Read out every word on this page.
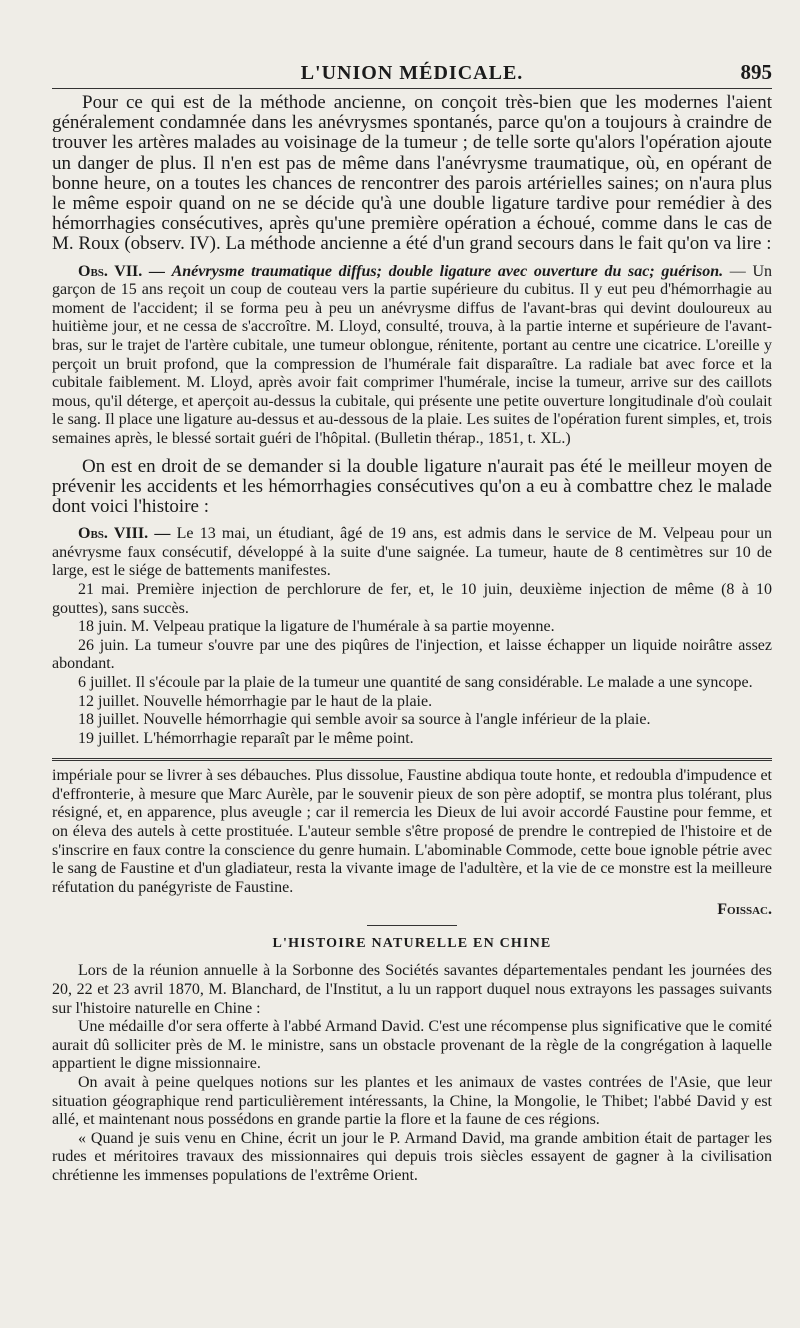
L'UNION MÉDICALE.	895

Pour ce qui est de la méthode ancienne, on conçoit très-bien que les modernes l'aient généralement condamnée dans les anévrysmes spontanés, parce qu'on a toujours à craindre de trouver les artères malades au voisinage de la tumeur ; de telle sorte qu'alors l'opération ajoute un danger de plus. Il n'en est pas de même dans l'anévrysme traumatique, où, en opérant de bonne heure, on a toutes les chances de rencontrer des parois artérielles saines; on n'aura plus le même espoir quand on ne se décide qu'à une double ligature tardive pour remédier à des hémorrhagies consécutives, après qu'une première opération a échoué, comme dans le cas de M. Roux (observ. IV). La méthode ancienne a été d'un grand secours dans le fait qu'on va lire :

Obs. VII. — Anévrysme traumatique diffus; double ligature avec ouverture du sac; guérison. — Un garçon de 15 ans reçoit un coup de couteau vers la partie supérieure du cubitus. Il y eut peu d'hémorrhagie au moment de l'accident; il se forma peu à peu un anévrysme diffus de l'avant-bras qui devint douloureux au huitième jour, et ne cessa de s'accroître. M. Lloyd, consulté, trouva, à la partie interne et supérieure de l'avant-bras, sur le trajet de l'artère cubitale, une tumeur oblongue, rénitente, portant au centre une cicatrice. L'oreille y perçoit un bruit profond, que la compression de l'humérale fait disparaître. La radiale bat avec force et la cubitale faiblement. M. Lloyd, après avoir fait comprimer l'humérale, incise la tumeur, arrive sur des caillots mous, qu'il déterge, et aperçoit au-dessus la cubitale, qui présente une petite ouverture longitudinale d'où coulait le sang. Il place une ligature au-dessus et au-dessous de la plaie. Les suites de l'opération furent simples, et, trois semaines après, le blessé sortait guéri de l'hôpital. (Bulletin thérap., 1851, t. XL.)

On est en droit de se demander si la double ligature n'aurait pas été le meilleur moyen de prévenir les accidents et les hémorrhagies consécutives qu'on a eu à combattre chez le malade dont voici l'histoire :

Obs. VIII. — Le 13 mai, un étudiant, âgé de 19 ans, est admis dans le service de M. Velpeau pour un anévrysme faux consécutif, développé à la suite d'une saignée. La tumeur, haute de 8 centimètres sur 10 de large, est le siége de battements manifestes.

21 mai. Première injection de perchlorure de fer, et, le 10 juin, deuxième injection de même (8 à 10 gouttes), sans succès.

18 juin. M. Velpeau pratique la ligature de l'humérale à sa partie moyenne.

26 juin. La tumeur s'ouvre par une des piqûres de l'injection, et laisse échapper un liquide noirâtre assez abondant.

6 juillet. Il s'écoule par la plaie de la tumeur une quantité de sang considérable. Le malade a une syncope.

12 juillet. Nouvelle hémorrhagie par le haut de la plaie.

18 juillet. Nouvelle hémorrhagie qui semble avoir sa source à l'angle inférieur de la plaie.

19 juillet. L'hémorrhagie reparaît par le même point.

impériale pour se livrer à ses débauches. Plus dissolue, Faustine abdiqua toute honte, et redoubla d'impudence et d'effronterie, à mesure que Marc Aurèle, par le souvenir pieux de son père adoptif, se montra plus tolérant, plus résigné, et, en apparence, plus aveugle ; car il remercia les Dieux de lui avoir accordé Faustine pour femme, et on éleva des autels à cette prostituée. L'auteur semble s'être proposé de prendre le contrepied de l'histoire et de s'inscrire en faux contre la conscience du genre humain. L'abominable Commode, cette boue ignoble pétrie avec le sang de Faustine et d'un gladiateur, resta la vivante image de l'adultère, et la vie de ce monstre est la meilleure réfutation du panégyriste de Faustine.

Foissac.
L'HISTOIRE NATURELLE EN CHINE

Lors de la réunion annuelle à la Sorbonne des Sociétés savantes départementales pendant les journées des 20, 22 et 23 avril 1870, M. Blanchard, de l'Institut, a lu un rapport duquel nous extrayons les passages suivants sur l'histoire naturelle en Chine :

Une médaille d'or sera offerte à l'abbé Armand David. C'est une récompense plus significative que le comité aurait dû solliciter près de M. le ministre, sans un obstacle provenant de la règle de la congrégation à laquelle appartient le digne missionnaire.

On avait à peine quelques notions sur les plantes et les animaux de vastes contrées de l'Asie, que leur situation géographique rend particulièrement intéressants, la Chine, la Mongolie, le Thibet; l'abbé David y est allé, et maintenant nous possédons en grande partie la flore et la faune de ces régions.

« Quand je suis venu en Chine, écrit un jour le P. Armand David, ma grande ambition était de partager les rudes et méritoires travaux des missionnaires qui depuis trois siècles essayent de gagner à la civilisation chrétienne les immenses populations de l'extrême Orient.
